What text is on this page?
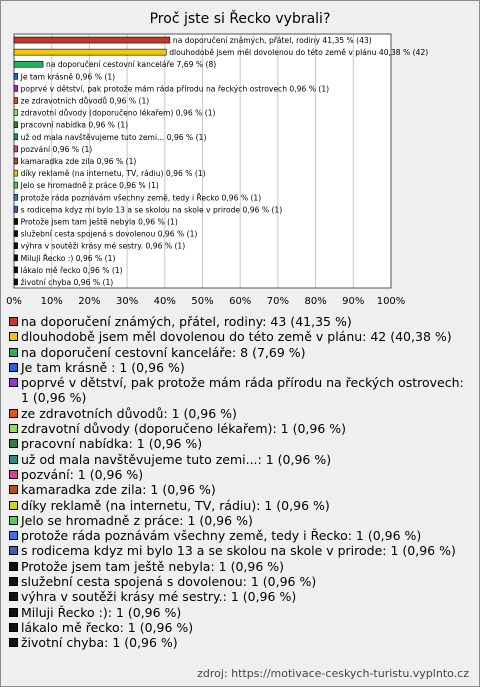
Proč jste si Řecko vybrali?
0% 10% 20% 30% 40% 50% 60% 70% 80% 90% 100%
na doporučení známých, přátel, rodiny 41,35 % (43)
dlouhodobě jsem měl dovolenou do této země v plánu 40,38 % (42)
na doporučení cestovní kanceláře 7,69 % (8)
Je tam krásně 0,96 % (1)
poprvé v dětství, pak protože mám ráda přírodu na řeckých ostrovech 0,96 % (1)
ze zdravotních důvodů 0,96 % (1)
zdravotní důvody (doporučeno lékařem) 0,96 % (1)
pracovní nabídka 0,96 % (1)
už od mala navštěvujeme tuto zemi... 0,96 % (1)
pozvání 0,96 % (1)
kamaradka zde zila 0,96 % (1)
díky reklamě (na internetu, TV, rádiu) 0,96 % (1)
Jelo se hromadně z práce 0,96 % (1)
protože ráda poznávám všechny země, tedy i Řecko 0,96 % (1)
s rodicema kdyz mi bylo 13 a se skolou na skole v prirode 0,96 % (1)
Protože jsem tam ještě nebyla 0,96 % (1)
služební cesta spojená s dovolenou 0,96 % (1)
výhra v soutěži krásy mé sestry. 0,96 % (1)
Miluji Řecko :) 0,96 % (1)
lákalo mě řecko 0,96 % (1)
životní chyba 0,96 % (1)
na doporučení známých, přátel, rodiny: 43 (41,35 %)
dlouhodobě jsem měl dovolenou do této země v plánu: 42 (40,38 %)
na doporučení cestovní kanceláře: 8 (7,69 %)
Je tam krásně : 1 (0,96 %)
poprvé v dětství, pak protože mám ráda přírodu na řeckých ostrovech: 1 (0,96 %)
ze zdravotních důvodů: 1 (0,96 %)
zdravotní důvody (doporučeno lékařem): 1 (0,96 %)
pracovní nabídka: 1 (0,96 %)
už od mala navštěvujeme tuto zemi...: 1 (0,96 %)
pozvání: 1 (0,96 %)
kamaradka zde zila: 1 (0,96 %)
díky reklamě (na internetu, TV, rádiu): 1 (0,96 %)
Jelo se hromadně z práce: 1 (0,96 %)
protože ráda poznávám všechny země, tedy i Řecko: 1 (0,96 %)
s rodicema kdyz mi bylo 13 a se skolou na skole v prirode: 1 (0,96 %)
Protože jsem tam ještě nebyla: 1 (0,96 %)
služební cesta spojená s dovolenou: 1 (0,96 %)
výhra v soutěži krásy mé sestry.: 1 (0,96 %)
Miluji Řecko :): 1 (0,96 %)
lákalo mě řecko: 1 (0,96 %)
životní chyba: 1 (0,96 %)
zdroj: https://motivace-ceskych-turistu.vyplnto.cz
